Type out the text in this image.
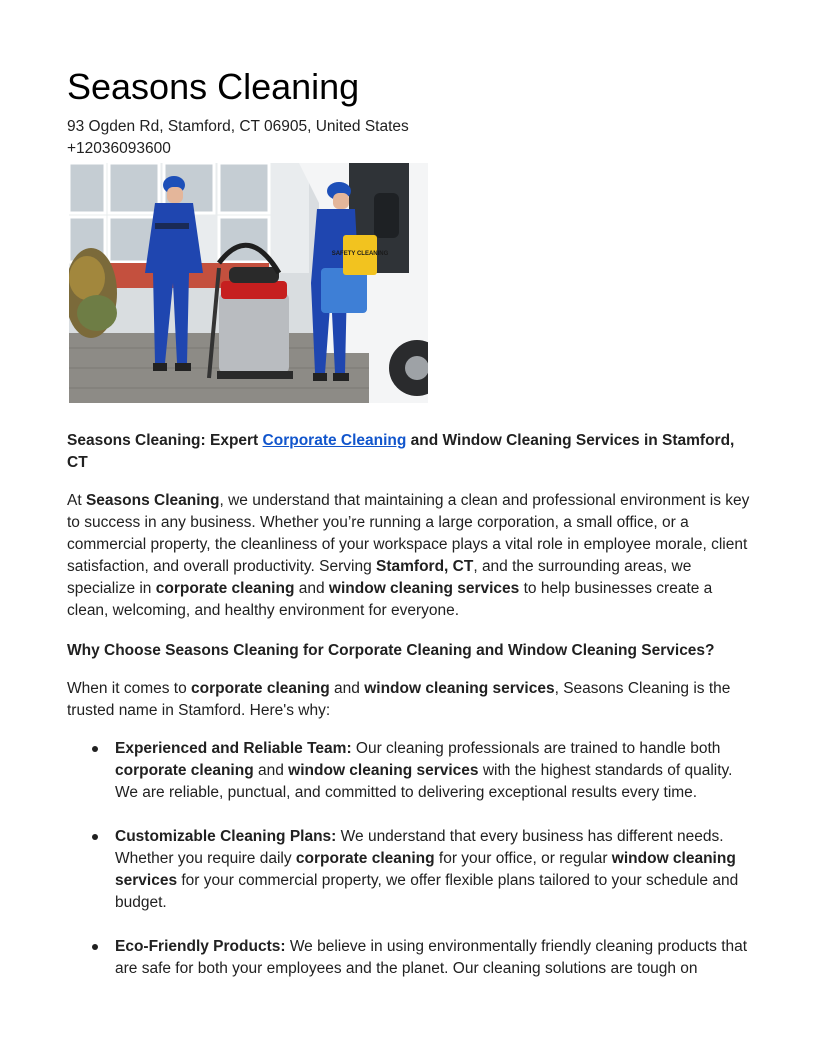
Seasons Cleaning
93 Ogden Rd, Stamford, CT 06905, United States
+12036093600
SAFETY CLEANING

Seasons Cleaning: Expert Corporate Cleaning and Window Cleaning Services in Stamford, CT

At Seasons Cleaning, we understand that maintaining a clean and professional environment is key to success in any business. Whether you’re running a large corporation, a small office, or a commercial property, the cleanliness of your workspace plays a vital role in employee morale, client satisfaction, and overall productivity. Serving Stamford, CT, and the surrounding areas, we specialize in corporate cleaning and window cleaning services to help businesses create a clean, welcoming, and healthy environment for everyone.

Why Choose Seasons Cleaning for Corporate Cleaning and Window Cleaning Services?

When it comes to corporate cleaning and window cleaning services, Seasons Cleaning is the trusted name in Stamford. Here's why:

Experienced and Reliable Team: Our cleaning professionals are trained to handle both corporate cleaning and window cleaning services with the highest standards of quality. We are reliable, punctual, and committed to delivering exceptional results every time.
Customizable Cleaning Plans: We understand that every business has different needs. Whether you require daily corporate cleaning for your office, or regular window cleaning services for your commercial property, we offer flexible plans tailored to your schedule and budget.
Eco-Friendly Products: We believe in using environmentally friendly cleaning products that are safe for both your employees and the planet. Our cleaning solutions are tough on
